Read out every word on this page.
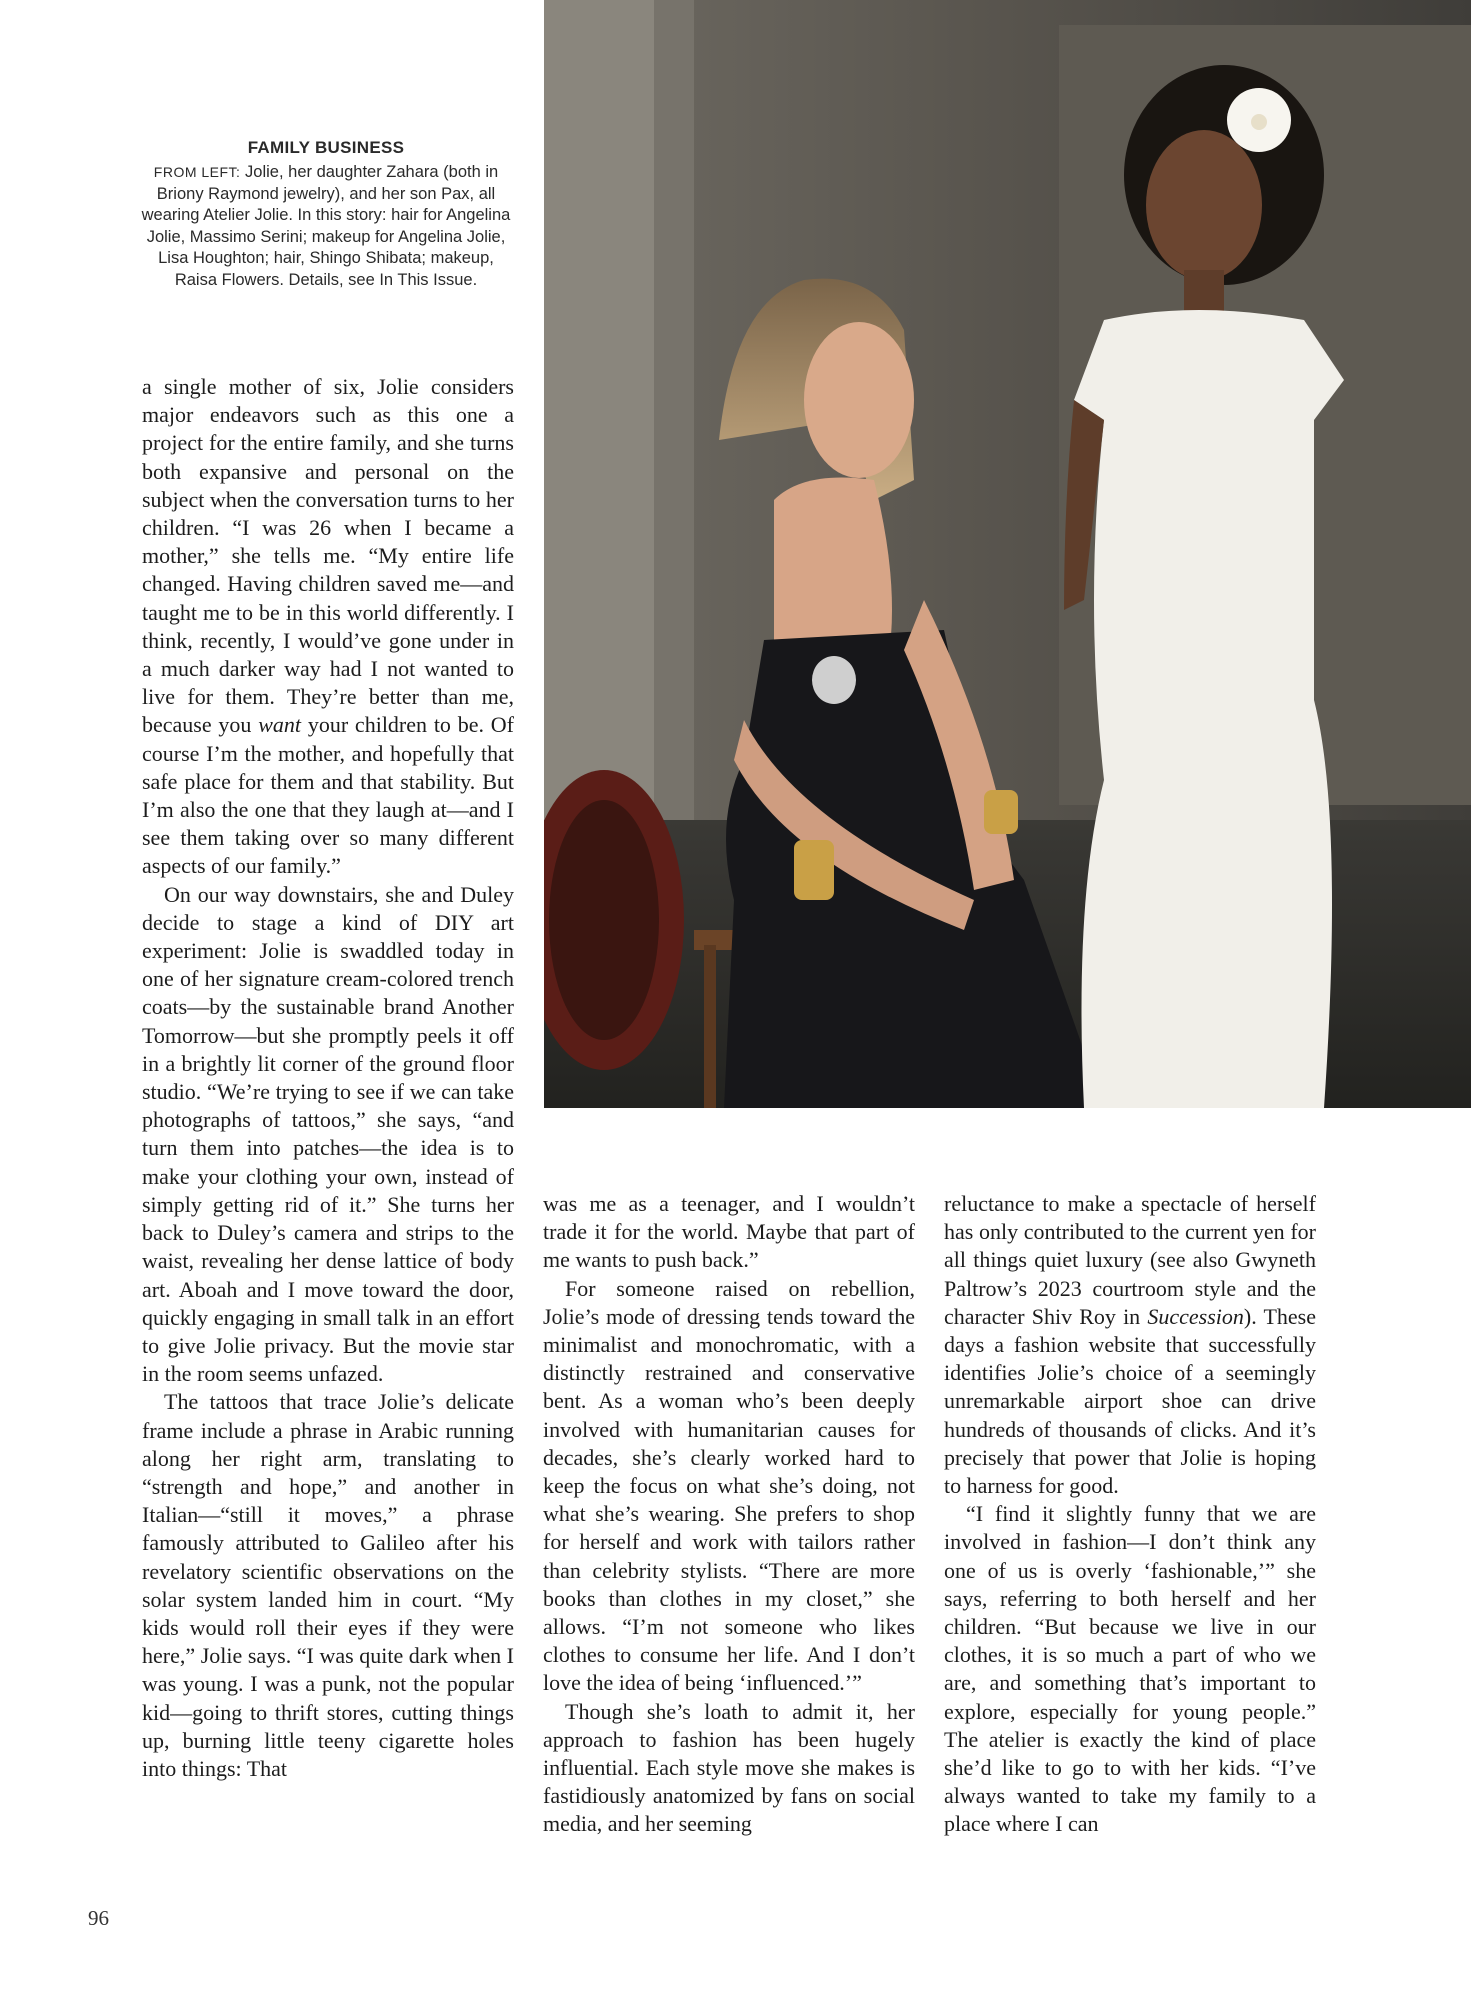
FAMILY BUSINESS
FROM LEFT: Jolie, her daughter Zahara (both in Briony Raymond jewelry), and her son Pax, all wearing Atelier Jolie. In this story: hair for Angelina Jolie, Massimo Serini; makeup for Angelina Jolie, Lisa Houghton; hair, Shingo Shibata; makeup, Raisa Flowers. Details, see In This Issue.

a single mother of six, Jolie considers major endeavors such as this one a project for the entire family, and she turns both expansive and personal on the subject when the conversation turns to her children. “I was 26 when I became a mother,” she tells me. “My entire life changed. Having children saved me—and taught me to be in this world differently. I think, recently, I would’ve gone under in a much darker way had I not wanted to live for them. They’re better than me, because you want your children to be. Of course I’m the mother, and hopefully that safe place for them and that stability. But I’m also the one that they laugh at—and I see them taking over so many different aspects of our family.”

On our way downstairs, she and Duley decide to stage a kind of DIY art experiment: Jolie is swaddled today in one of her signature cream-colored trench coats—by the sustainable brand Another Tomorrow—but she promptly peels it off in a brightly lit corner of the ground floor studio. “We’re trying to see if we can take photographs of tattoos,” she says, “and turn them into patches—the idea is to make your clothing your own, instead of simply getting rid of it.” She turns her back to Duley’s camera and strips to the waist, revealing her dense lattice of body art. Aboah and I move toward the door, quickly engaging in small talk in an effort to give Jolie privacy. But the movie star in the room seems unfazed.

The tattoos that trace Jolie’s delicate frame include a phrase in Arabic running along her right arm, translating to “strength and hope,” and another in Italian—“still it moves,” a phrase famously attributed to Galileo after his revelatory scientific observations on the solar system landed him in court. “My kids would roll their eyes if they were here,” Jolie says. “I was quite dark when I was young. I was a punk, not the popular kid—going to thrift stores, cutting things up, burning little teeny cigarette holes into things: That

was me as a teenager, and I wouldn’t trade it for the world. Maybe that part of me wants to push back.”

For someone raised on rebellion, Jolie’s mode of dressing tends toward the minimalist and monochromatic, with a distinctly restrained and conservative bent. As a woman who’s been deeply involved with humanitarian causes for decades, she’s clearly worked hard to keep the focus on what she’s doing, not what she’s wearing. She prefers to shop for herself and work with tailors rather than celebrity stylists. “There are more books than clothes in my closet,” she allows. “I’m not someone who likes clothes to consume her life. And I don’t love the idea of being ‘influenced.’”

Though she’s loath to admit it, her approach to fashion has been hugely influential. Each style move she makes is fastidiously anatomized by fans on social media, and her seeming

reluctance to make a spectacle of herself has only contributed to the current yen for all things quiet luxury (see also Gwyneth Paltrow’s 2023 courtroom style and the character Shiv Roy in Succession). These days a fashion website that successfully identifies Jolie’s choice of a seemingly unremarkable airport shoe can drive hundreds of thousands of clicks. And it’s precisely that power that Jolie is hoping to harness for good.

“I find it slightly funny that we are involved in fashion—I don’t think any one of us is overly ‘fashionable,’” she says, referring to both herself and her children. “But because we live in our clothes, it is so much a part of who we are, and something that’s important to explore, especially for young people.” The atelier is exactly the kind of place she’d like to go to with her kids. “I’ve always wanted to take my family to a place where I can

96
